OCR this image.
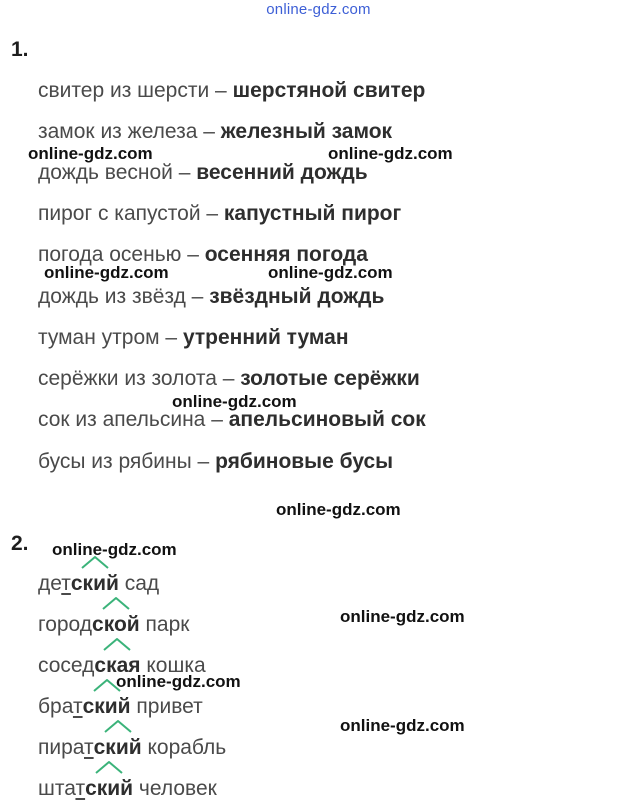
online-gdz.com
1.
свитер из шерсти – шерстяной свитер
замок из железа – железный замок
дождь весной – весенний дождь
пирог с капустой – капустный пирог
погода осенью – осенняя погода
дождь из звёзд – звёздный дождь
туман утром – утренний туман
серёжки из золота – золотые серёжки
сок из апельсина – апельсиновый сок
бусы из рябины – рябиновые бусы
2.
дет
ский сад
город
ской парк
сосед
ская кошка
брат
ский привет
пират
ский корабль
штат
ский человек
online-gdz.com	online-gdz.com
online-gdz.com	online-gdz.com
online-gdz.com
online-gdz.com
online-gdz.com
online-gdz.com
online-gdz.com
online-gdz.com
